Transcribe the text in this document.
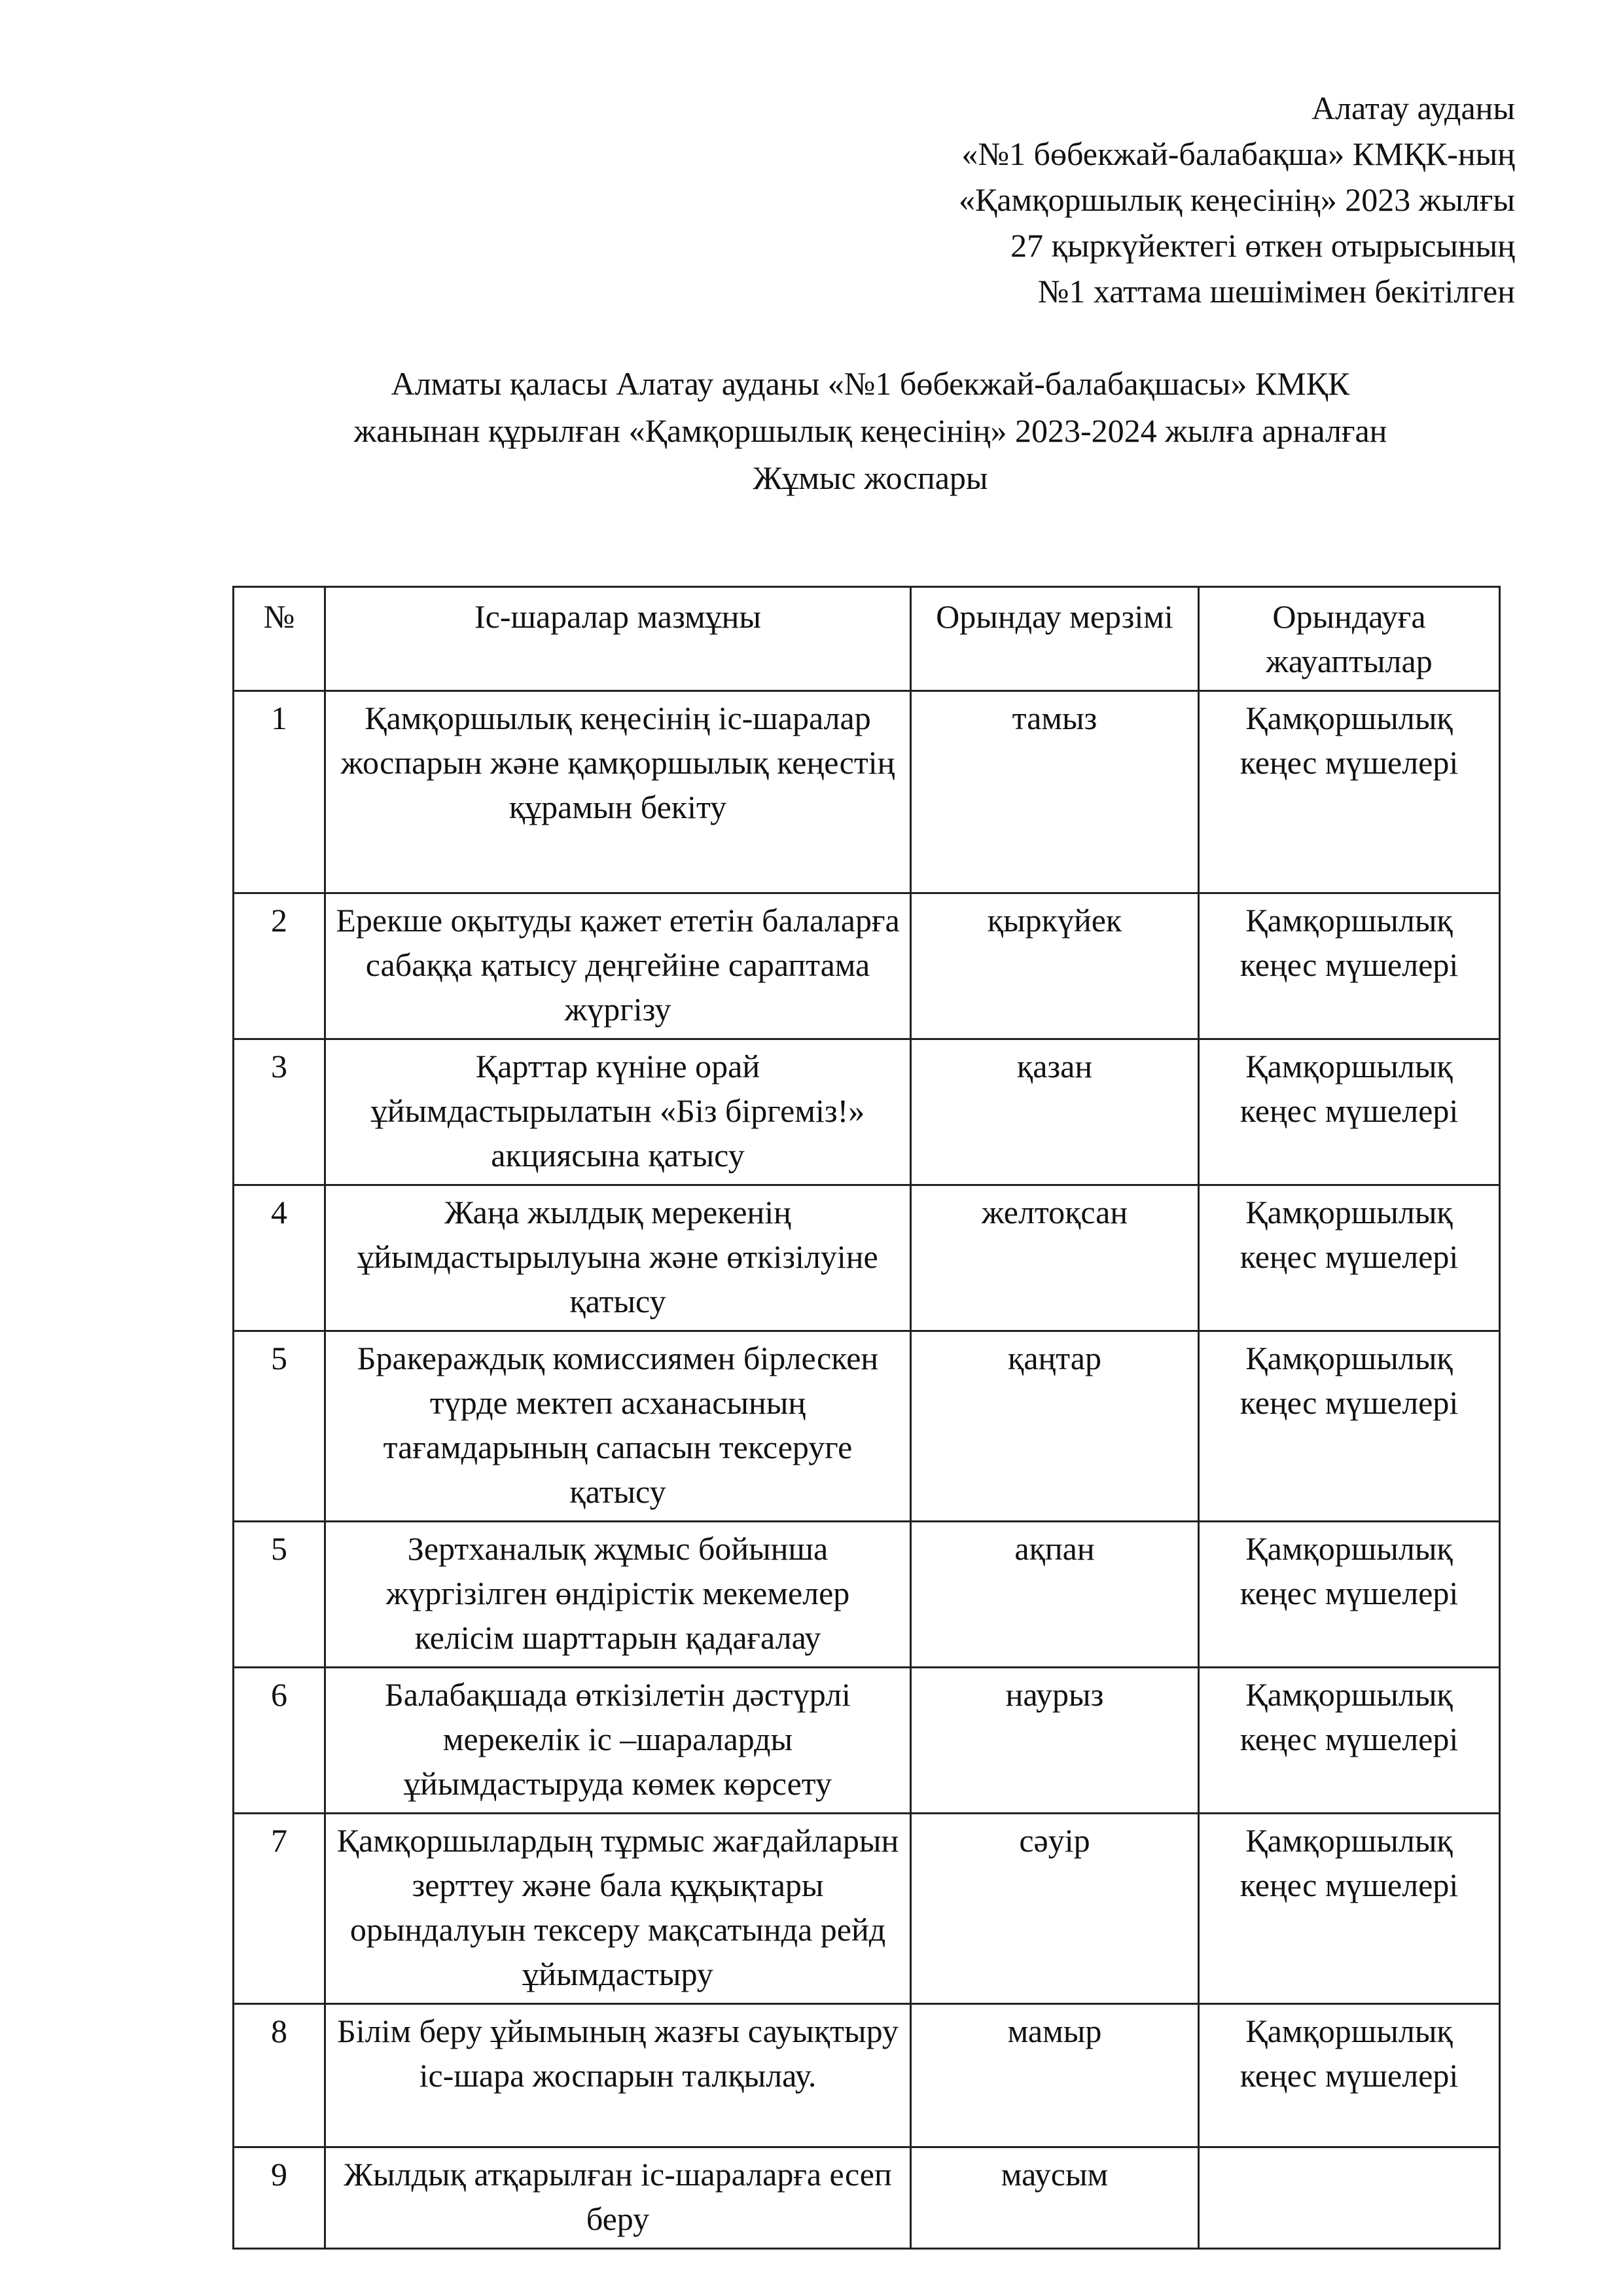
Алатау ауданы
«№1 бөбекжай-балабақша» КМҚК-ның
«Қамқоршылық кеңесінің» 2023 жылғы
27 қыркүйектегі өткен отырысының
№1 хаттама шешімімен бекітілген
Алматы қаласы Алатау ауданы «№1 бөбекжай-балабақшасы» КМҚК
жанынан құрылған «Қамқоршылық кеңесінің» 2023-2024 жылға арналған
Жұмыс жоспары
№	Іс-шаралар мазмұны	Орындау мерзімі	Орындауға жауаптылар
1	Қамқоршылық кеңесінің іс-шаралар жоспарын және қамқоршылық кеңестің құрамын бекіту	тамыз	Қамқоршылық кеңес мүшелері
2	Ерекше оқытуды қажет ететін балаларға сабаққа қатысу деңгейіне сараптама жүргізу	қыркүйек	Қамқоршылық кеңес мүшелері
3	Қарттар күніне орай ұйымдастырылатын «Біз біргеміз!» акциясына қатысу	қазан	Қамқоршылық кеңес мүшелері
4	Жаңа жылдық мерекенің ұйымдастырылуына және өткізілуіне қатысу	желтоқсан	Қамқоршылық кеңес мүшелері
5	Бракераждық комиссиямен бірлескен түрде мектеп асханасының тағамдарының сапасын тексеруге қатысу	қаңтар	Қамқоршылық кеңес мүшелері
5	Зертханалық жұмыс бойынша жүргізілген өндірістік мекемелер келісім шарттарын қадағалау	ақпан	Қамқоршылық кеңес мүшелері
6	Балабақшада өткізілетін дәстүрлі мерекелік іс –шараларды ұйымдастыруда көмек көрсету	наурыз	Қамқоршылық кеңес мүшелері
7	Қамқоршылардың тұрмыс жағдайларын зерттеу және бала құқықтары орындалуын тексеру мақсатында рейд ұйымдастыру	сәуір	Қамқоршылық кеңес мүшелері
8	Білім беру ұйымының жазғы сауықтыру іс-шара жоспарын талқылау.	мамыр	Қамқоршылық кеңес мүшелері
9	Жылдық атқарылған іс-шараларға есеп беру	маусым	
